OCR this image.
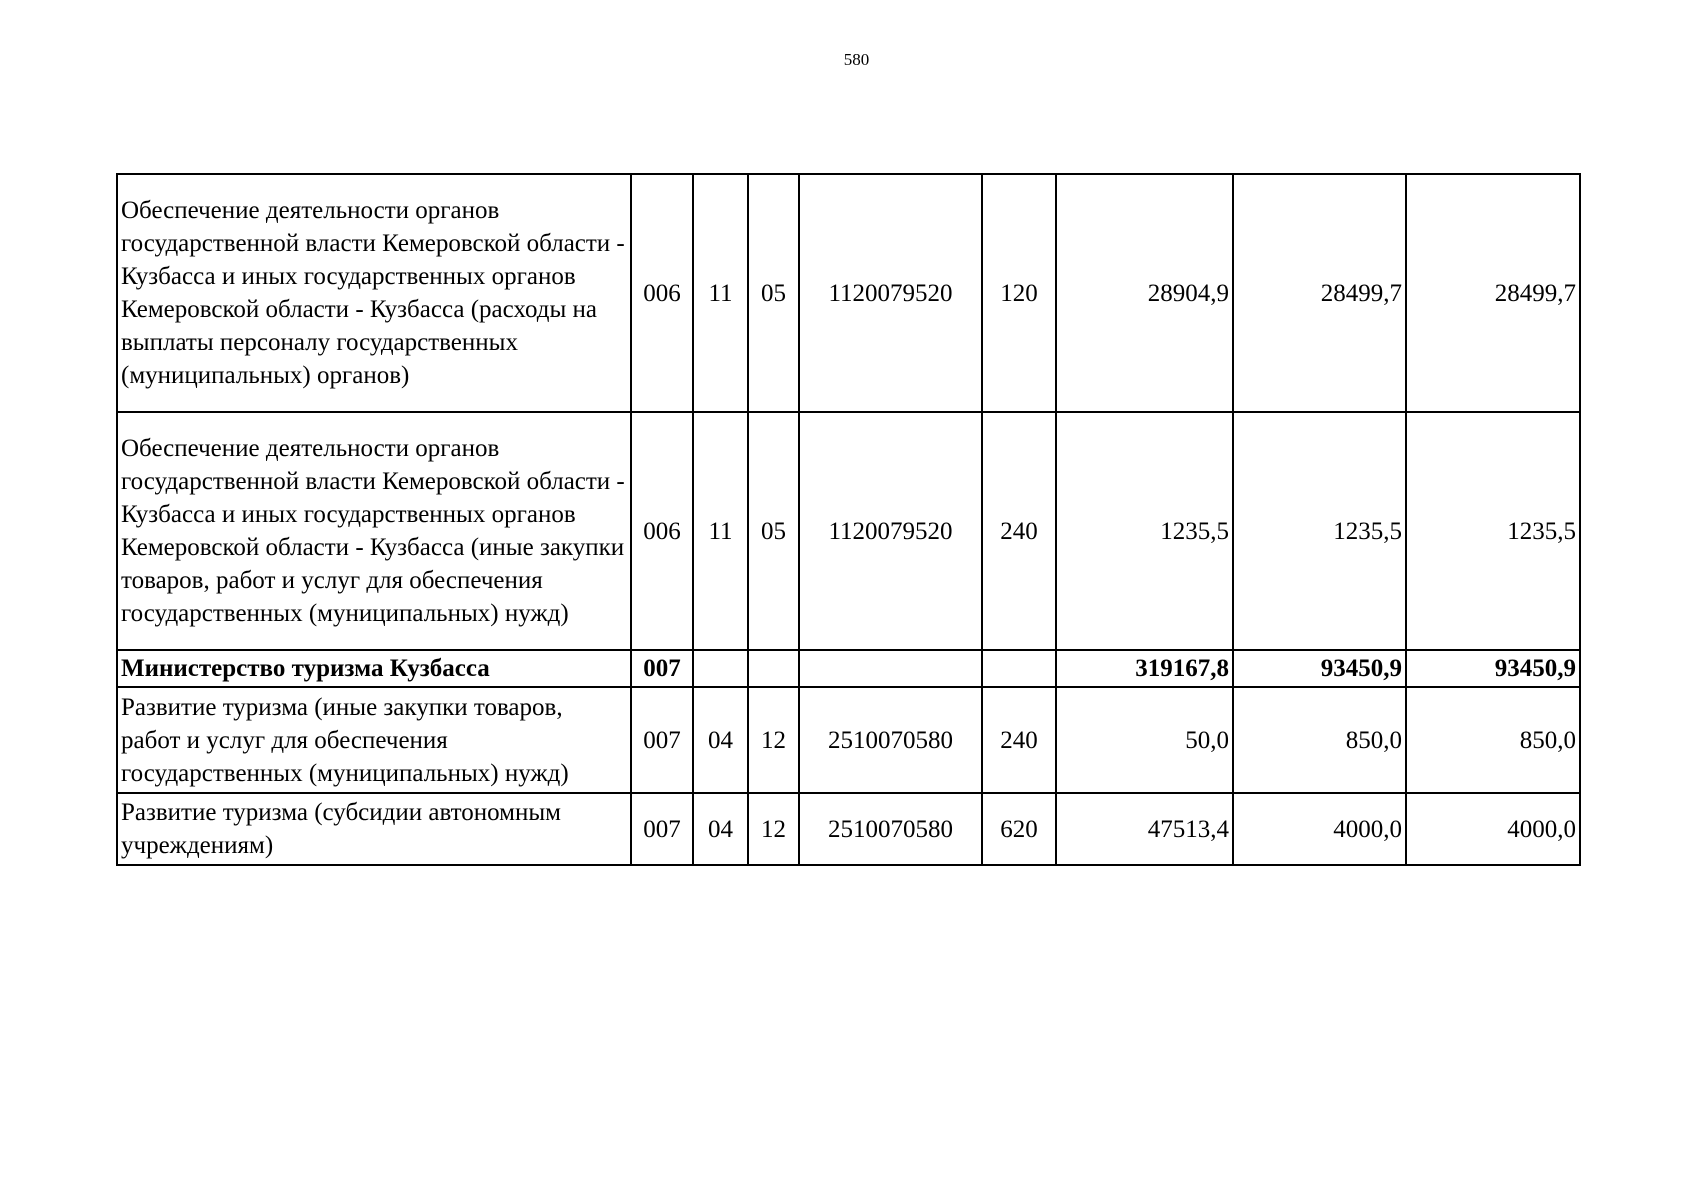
580
Обеспечение деятельности органов государственной власти Кемеровской области - Кузбасса и иных государственных органов Кемеровской области - Кузбасса (расходы на выплаты персоналу государственных (муниципальных) органов)	006	11	05	1120079520	120	28904,9	28499,7	28499,7
Обеспечение деятельности органов государственной власти Кемеровской области - Кузбасса и иных государственных органов Кемеровской области - Кузбасса (иные закупки товаров, работ и услуг для обеспечения государственных (муниципальных) нужд)	006	11	05	1120079520	240	1235,5	1235,5	1235,5
Министерство туризма Кузбасса	007					319167,8	93450,9	93450,9
Развитие туризма (иные закупки товаров, работ и услуг для обеспечения государственных (муниципальных) нужд)	007	04	12	2510070580	240	50,0	850,0	850,0
Развитие туризма (субсидии автономным учреждениям)	007	04	12	2510070580	620	47513,4	4000,0	4000,0
